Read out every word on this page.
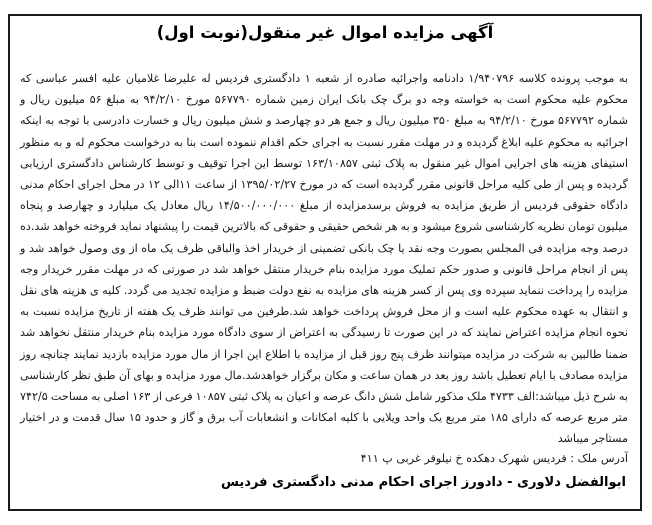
آگهی مزایده اموال غیر منقول(نوبت اول)

به موجب پرونده کلاسه ۱/۹۴۰۷۹۶ دادنامه واجرائیه صادره از شعبه ۱ دادگستری فردیس له علیرضا غلامیان علیه افسر عباسی که محکوم علیه محکوم است به خواسته وجه دو برگ چک بانک ایران زمین شماره ۵۶۷۷۹۰ مورخ ۹۴/۲/۱۰ به مبلغ ۵۶ میلیون ریال و شماره ۵۶۷۷۹۲ مورخ ۹۴/۲/۱۰ به مبلغ ۳۵۰ میلیون ریال و جمع هر دو چهارصد و شش میلیون ریال و خسارت دادرسی با توجه به اینکه اجرائیه به محکوم علیه ابلاغ گردیده و در مهلت مقرر نسبت به اجرای حکم اقدام ننموده است بنا به درخواست محکوم له و به منظور استیفای هزینه های اجرایی اموال غیر منقول به پلاک ثبتی ۱۶۳/۱۰۸۵۷ توسط این اجرا توقیف و توسط کارشناس دادگستری ارزیابی گردیده و پس از طی کلیه مراحل قانونی مقرر گردیده است که در مورخ ۱۳۹۵/۰۲/۲۷ از ساعت ۱۱الی ۱۲ در محل اجرای احکام مدنی دادگاه حقوقی فردیس از طریق مزایده به فروش برسدمزایده از مبلغ ۱۴/۵۰۰/۰۰۰/۰۰۰ ریال معادل یک میلیارد و چهارصد و پنجاه میلیون تومان نظریه کارشناسی شروع میشود و به هر شخص حقیقی و حقوقی که بالاترین قیمت را پیشنهاد نماید فروخته خواهد شد.ده درصد وجه مزایده فی المجلس بصورت وجه نقد یا چک بانکی تضمینی از خریدار اخذ والباقی ظرف یک ماه از وی وصول خواهد شد و پس از انجام مراحل قانونی و صدور حکم تملیک مورد مزایده بنام خریدار منتقل خواهد شد در صورتی که در مهلت مقرر خریدار وجه مزایده را پرداخت ننماید سپرده وی پس از کسر هزینه های مزایده به نفع دولت ضبط و مزایده تجدید می گردد. کلیه ی هزینه های نقل و انتقال به عهده محکوم علیه است و از محل فروش پرداخت خواهد شد.طرفین می توانند ظرف یک هفته از تاریخ مزایده نسبت به نحوه انجام مزایده اعتراض نمایند که در این صورت تا رسیدگی به اعتراض از سوی دادگاه مورد مزایده بنام خریدار منتقل نخواهد شد ضمنا طالبین به شرکت در مزایده میتوانند ظرف پنج روز قبل از مزایده با اطلاع این اجرا از مال مورد مزایده بازدید نمایند چنانچه روز مزایده مصادف با ایام تعطیل باشد روز بعد در همان ساعت و مکان برگزار خواهدشد.مال مورد مزایده و بهای آن طبق نظر کارشناسی به شرح ذیل میباشد:الف ۴۷۳۳ ملک مذکور شامل شش دانگ عرصه و اعیان به پلاک ثبتی ۱۰۸۵۷ فرعی از ۱۶۳ اصلی به مساحت ۷۴۲/۵ متر مربع عرصه که دارای ۱۸۵ متر مربع یک واحد ویلایی با کلیه امکانات و انشعابات آب برق و گاز و حدود ۱۵ سال قدمت و در اختیار مستاجر میباشد

آدرس ملک : فردیس شهرک دهکده خ نیلوفر غربی پ ۴۱۱

ابوالفضل دلاوری - دادورز اجرای احکام مدنی دادگستری فردیس
